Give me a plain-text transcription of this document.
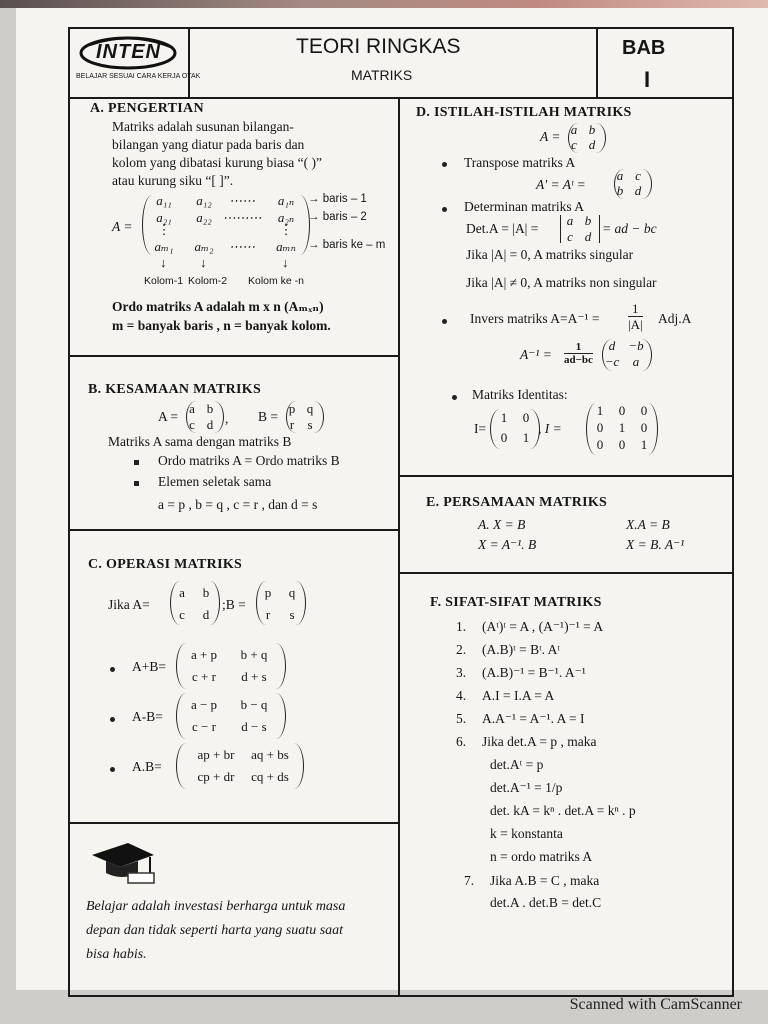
INTEN
BELAJAR SESUAI CARA KERJA OTAK
TEORI RINGKAS
MATRIKS
BAB
I
A. PENGERTIAN
Matriks adalah susunan bilangan-
bilangan yang diatur pada baris dan
kolom yang dibatasi kurung biasa “( )”
atau kurung siku “[ ]”.
A =
a₁₁	a₁₂	⋯⋯	a₁ₙ
a₂₁	a₂₂ ⋯⋯⋯	a₂ₙ
⋮	⋮
aₘ₁	aₘ₂	⋯⋯	aₘₙ
→ baris – 1
→ baris – 2
→ baris ke – m
↓	↓	↓
Kolom-1 Kolom-2 Kolom ke -n
Ordo matriks A adalah m x n (Aₘₓₙ)
m = banyak baris , n = banyak kolom.
B. KESAMAAN MATRIKS
A =
a b
c d , B =
p q
r	s
Matriks A sama dengan matriks B
Ordo matriks A = Ordo matriks B
Elemen seletak sama
a = p , b = q , c = r , dan d = s
C. OPERASI MATRIKS
Jika A=
a	b
c	d
;B =
p	q
r	s
A+B=
a + p	b + q
c + r	d + s
A-B=
a − p	b − q
c − r	d − s
A.B=
ap + br	aq + bs
cp + dr	cq + ds
Belajar adalah investasi berharga untuk masa
depan dan tidak seperti harta yang suatu saat
bisa habis.
D. ISTILAH-ISTILAH MATRIKS
A = a b
c d
Transpose matriks A
A' = Aᵗ =
a c
b d
Determinan matriks A
Det.A = |A| =
a b
c d
= ad − bc
Jika |A| = 0, A matriks singular
Jika |A| ≠ 0, A matriks non singular
Invers matriks $A=A^{-1} = \frac{1}{|A|} Adj.A$
$A^{-1} = \frac{1}{ad-bc}$	d	−b
−c	a
Matriks Identitas:
I=
1	0
0	1
, I =
1	0	0
0	1	0
0	0	1
E. PERSAMAAN MATRIKS
A. X = B	X.A = B
X = A⁻¹. B	X = B. A⁻¹
F. SIFAT-SIFAT MATRIKS
1. (Aᵗ)ᵗ = A , (A⁻¹)⁻¹ = A
2. (A.B)ᵗ = Bᵗ. Aᵗ
3. (A.B)⁻¹ = B⁻¹. A⁻¹
4. A.I = I.A = A
5. A.A⁻¹ = A⁻¹. A = I
6. Jika det.A = p , maka
det.Aᵗ = p
det.A⁻¹ = 1/p
det. kA = kⁿ . det.A = kⁿ . p
k = konstanta
n = ordo matriks A
7. Jika A.B = C , maka
det.A . det.B = det.C
Scanned with CamScanner
